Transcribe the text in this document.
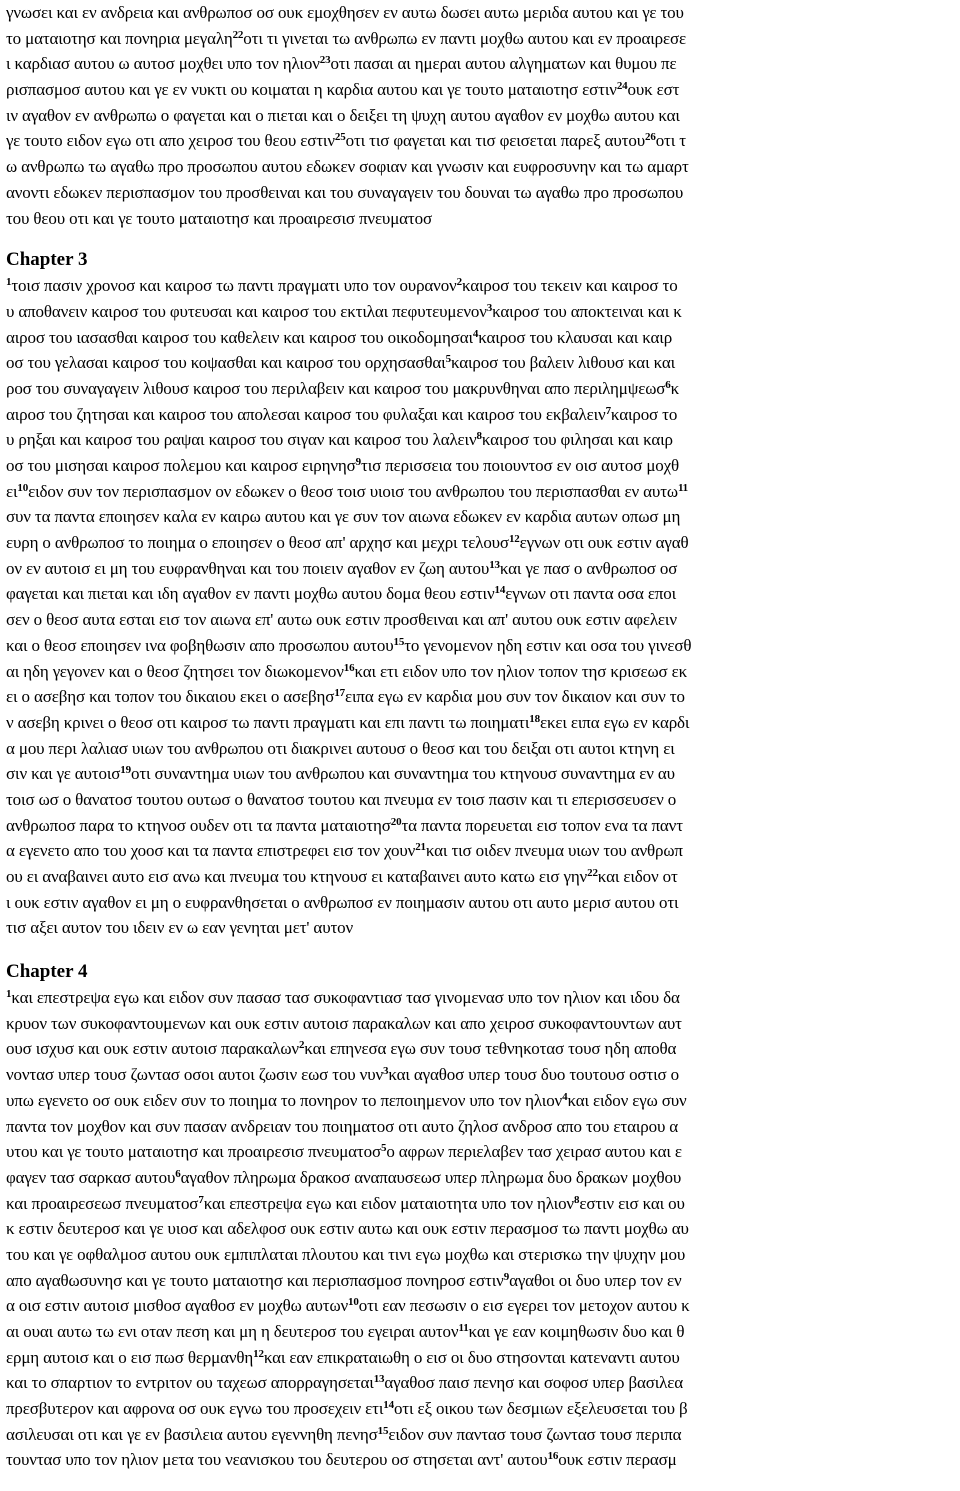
γνωσει και εν ανδρεια και ανθρωποσ οσ ουκ εμοχθησεν εν αυτω δωσει αυτω μεριδα αυτου και γε του
το ματαιοτησ και πονηρια μεγαλη$^{22}$οτι τι γινεται τω ανθρωπω εν παντι μοχθω αυτου και εν προαιρεσε
ι καρδιασ αυτου ω αυτοσ μοχθει υπο τον ηλιον$^{23}$οτι πασαι αι ημεραι αυτου αλγηματων και θυμου πε
ρισπασμοσ αυτου και γε εν νυκτι ου κοιμαται η καρδια αυτου και γε τουτο ματαιοτησ εστιν$^{24}$ουκ εστ
ιν αγαθον εν ανθρωπω ο φαγεται και ο πιεται και ο δειξει τη ψυχη αυτου αγαθον εν μοχθω αυτου και
γε τουτο ειδον εγω οτι απο χειροσ του θεου εστιν$^{25}$οτι τισ φαγεται και τισ φεισεται παρεξ αυτου$^{26}$οτι τ
ω ανθρωπω τω αγαθω προ προσωπου αυτου εδωκεν σοφιαν και γνωσιν και ευφροσυνην και τω αμαρτ
ανοντι εδωκεν περισπασμον του προσθειναι και του συναγαγειν του δουναι τω αγαθω προ προσωπου
του θεου οτι και γε τουτο ματαιοτησ και προαιρεσισ πνευματοσ
Chapter 3
$^1$τοισ πασιν χρονοσ και καιροσ τω παντι πραγματι υπο τον ουρανον$^2$καιροσ του τεκειν και καιροσ το
υ αποθανειν καιροσ του φυτευσαι και καιροσ του εκτιλαι πεφυτευμενον$^3$καιροσ του αποκτειναι και κ
αιροσ του ιασασθαι καιροσ του καθελειν και καιροσ του οικοδομησαι$^4$καιροσ του κλαυσαι και καιρ
οσ του γελασαι καιροσ του κοψασθαι και καιροσ του ορχησασθαι$^5$καιροσ του βαλειν λιθουσ και και
ροσ του συναγαγειν λιθουσ καιροσ του περιλαβειν και καιροσ του μακρυνθηναι απο περιλημψεωσ$^6$κ
αιροσ του ζητησαι και καιροσ του απολεσαι καιροσ του φυλαξαι και καιροσ του εκβαλειν$^7$καιροσ το
υ ρηξαι και καιροσ του ραψαι καιροσ του σιγαν και καιροσ του λαλειν$^8$καιροσ του φιλησαι και καιρ
οσ του μισησαι καιροσ πολεμου και καιροσ ειρηνησ$^9$τισ περισσεια του ποιουντοσ εν οισ αυτοσ μοχθ
$\varepsilon\iota^{10}\varepsilon\iota\delta o\nu$ συν τον περισπασμον ον εδωκεν ο θεοσ τοισ υιοισ του ανθρωπου του περισπασθαι εν αυτω$^{11}$
συν τα παντα εποιησεν καλα εν καιρω αυτου και γε συν τον αιωνα εδωκεν εν καρδια αυτων οπωσ μη
ευρη ο ανθρωποσ το ποιημα ο εποιησεν ο θεοσ απ' αρχησ και μεχρι τελουσ$^{12}$εγνων οτι ουκ εστιν αγαθ
ον εν αυτοισ ει μη του ευφρανθηναι και του ποιειν αγαθον εν ζωη αυτου$^{13}$και γε πασ ο ανθρωποσ οσ
φαγεται και πιεται και ιδη αγαθον εν παντι μοχθω αυτου δομα θεου εστιν$^{14}$εγνων οτι παντα οσα εποι
σεν ο θεοσ αυτα εσται εισ τον αιωνα επ' αυτω ουκ εστιν προσθειναι και απ' αυτου ουκ εστιν αφελειν
και ο θεοσ εποιησεν ινα φοβηθωσιν απο προσωπου αυτου$^{15}$το γενομενον ηδη εστιν και οσα του γινεσθ
αι ηδη γεγονεν και ο θεοσ ζητησει τον διωκομενον$^{16}$και ετι ειδον υπο τον ηλιον τοπον τησ κρισεωσ εκ
ει ο ασεβησ και τοπον του δικαιου εκει ο ασεβησ$^{17}$ειπα εγω εν καρδια μου συν τον δικαιον και συν το
ν ασεβη κρινει ο θεοσ οτι καιροσ τω παντι πραγματι και επι παντι τω ποιηματι$^{18}$εκει ειπα εγω εν καρδι
α μου περι λαλιασ υιων του ανθρωπου οτι διακρινει αυτουσ ο θεοσ και του δειξαι οτι αυτοι κτηνη ει
σιν και γε αυτοισ$^{19}$οτι συναντημα υιων του ανθρωπου και συναντημα του κτηνουσ συναντημα εν αυ
τοισ ωσ ο θανατοσ τουτου ουτωσ ο θανατοσ τουτου και πνευμα εν τοισ πασιν και τι επερισσευσεν ο
ανθρωποσ παρα το κτηνοσ ουδεν οτι τα παντα ματαιοτησ$^{20}$τα παντα πορευεται εισ τοπον ενα τα παντ
α εγενετο απο του χοοσ και τα παντα επιστρεφει εισ τον χουν$^{21}$και τισ οιδεν πνευμα υιων του ανθρωπ
ου ει αναβαινει αυτο εισ ανω και πνευμα του κτηνουσ ει καταβαινει αυτο κατω εισ γην$^{22}$και ειδον οτ
ι ουκ εστιν αγαθον ει μη ο ευφρανθησεται ο ανθρωποσ εν ποιημασιν αυτου οτι αυτο μερισ αυτου οτι
τισ αξει αυτον του ιδειν εν ω εαν γενηται μετ' αυτον
Chapter 4
$^1$και επεστρεψα εγω και ειδον συν πασασ τασ συκοφαντιασ τασ γινομενασ υπο τον ηλιον και ιδου δα
κρυον των συκοφαντουμενων και ουκ εστιν αυτοισ παρακαλων και απο χειροσ συκοφαντουντων αυτ
ουσ ισχυσ και ουκ εστιν αυτοισ παρακαλων$^2$και επηνεσα εγω συν τουσ τεθνηκοτασ τουσ ηδη αποθα
νοντασ υπερ τουσ ζωντασ οσοι αυτοι ζωσιν εωσ του νυν$^3$και αγαθοσ υπερ τουσ δυο τουτουσ οστισ ο
υπω εγενετο οσ ουκ ειδεν συν το ποιημα το πονηρον το πεποιημενον υπο τον ηλιον$^4$και ειδον εγω συν
παντα τον μοχθον και συν πασαν ανδρειαν του ποιηματοσ οτι αυτο ζηλοσ ανδροσ απο του εταιρου α
υτου και γε τουτο ματαιοτησ και προαιρεσισ πνευματοσ$^5$ο αφρων περιελαβεν τασ χειρασ αυτου και ε
φαγεν τασ σαρκασ αυτου$^6$αγαθον πληρωμα δρακοσ αναπαυσεωσ υπερ πληρωμα δυο δρακων μοχθου
και προαιρεσεωσ πνευματοσ$^7$και επεστρεψα εγω και ειδον ματαιοτητα υπο τον ηλιον$^8$εστιν εισ και ου
κ εστιν δευτεροσ και γε υιοσ και αδελφοσ ουκ εστιν αυτω και ουκ εστιν περασμοσ τω παντι μοχθω αυ
του και γε οφθαλμοσ αυτου ουκ εμπιπλαται πλουτου και τινι εγω μοχθω και στερισκω την ψυχην μου
απο αγαθωσυνησ και γε τουτο ματαιοτησ και περισπασμοσ πονηροσ εστιν$^9$αγαθοι οι δυο υπερ τον εν
α οισ εστιν αυτοισ μισθοσ αγαθοσ εν μοχθω αυτων$^{10}$οτι εαν πεσωσιν ο εισ εγερει τον μετοχον αυτου κ
αι ουαι αυτω τω ενι οταν πεση και μη η δευτεροσ του εγειραι αυτον$^{11}$και γε εαν κοιμηθωσιν δυο και θ
ερμη αυτοισ και ο εισ πωσ θερμανθη$^{12}$και εαν επικραταιωθη ο εισ οι δυο στησονται κατεναντι αυτου
και το σπαρτιον το εντριτον ου ταχεωσ απορραγησεται$^{13}$αγαθοσ παισ πενησ και σοφοσ υπερ βασιλεα
πρεσβυτερον και αφρονα οσ ουκ εγνω του προσεχειν ετι$^{14}$οτι εξ οικου των δεσμιων εξελευσεται του β
ασιλευσαι οτι και γε εν βασιλεια αυτου εγεννηθη πενησ$^{15}$ειδον συν παντασ τουσ ζωντασ τουσ περιπα
τουντασ υπο τον ηλιον μετα του νεανισκου του δευτερου οσ στησεται αντ' αυτου$^{16}$ουκ εστιν περασμ
